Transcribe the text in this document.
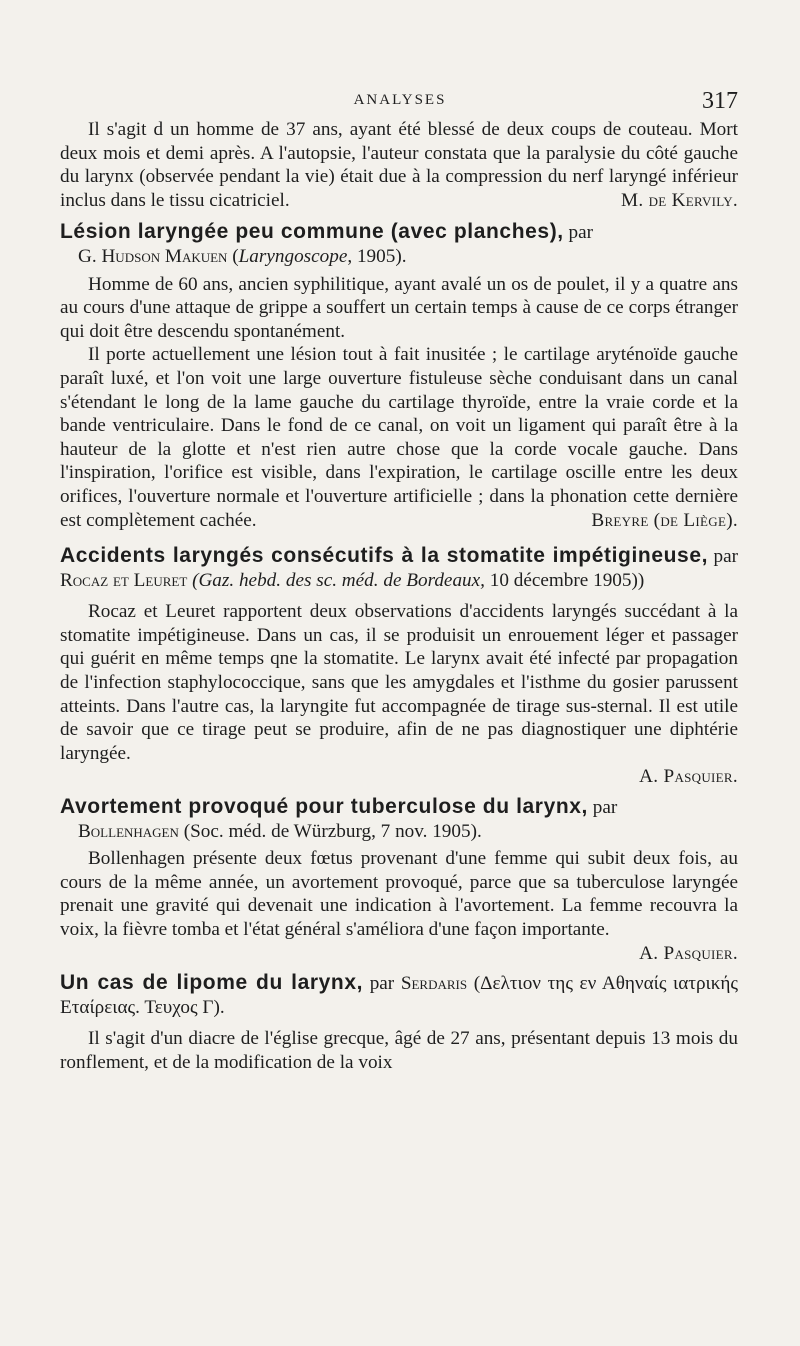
ANALYSES	317

Il s'agit d un homme de 37 ans, ayant été blessé de deux coups de couteau. Mort deux mois et demi après. A l'autopsie, l'auteur constata que la paralysie du côté gauche du larynx (observée pendant la vie) était due à la compression du nerf laryngé inférieur inclus dans le tissu cicatriciel.	M. de Kervily.
Lésion laryngée peu commune (avec planches), par
G. Hudson Makuen (Laryngoscope, 1905).

Homme de 60 ans, ancien syphilitique, ayant avalé un os de poulet, il y a quatre ans au cours d'une attaque de grippe a souffert un certain temps à cause de ce corps étranger qui doit être descendu spontanément.

Il porte actuellement une lésion tout à fait inusitée ; le cartilage aryténoïde gauche paraît luxé, et l'on voit une large ouverture fistuleuse sèche conduisant dans un canal s'étendant le long de la lame gauche du cartilage thyroïde, entre la vraie corde et la bande ventriculaire. Dans le fond de ce canal, on voit un ligament qui paraît être à la hauteur de la glotte et n'est rien autre chose que la corde vocale gauche. Dans l'inspiration, l'orifice est visible, dans l'expiration, le cartilage oscille entre les deux orifices, l'ouverture normale et l'ouverture artificielle ; dans la phonation cette dernière est complètement cachée.	Breyre (de Liège).
Accidents laryngés consécutifs à la stomatite impétigineuse, par Rocaz et Leuret (Gaz. hebd. des sc. méd. de Bordeaux, 10 décembre 1905))

Rocaz et Leuret rapportent deux observations d'accidents laryngés succédant à la stomatite impétigineuse. Dans un cas, il se produisit un enrouement léger et passager qui guérit en même temps qne la stomatite. Le larynx avait été infecté par propagation de l'infection staphylococcique, sans que les amygdales et l'isthme du gosier parussent atteints. Dans l'autre cas, la laryngite fut accompagnée de tirage sus-sternal. Il est utile de savoir que ce tirage peut se produire, afin de ne pas diagnostiquer une diphtérie laryngée.

A. Pasquier.
Avortement provoqué pour tuberculose du larynx, par
Bollenhagen (Soc. méd. de Würzburg, 7 nov. 1905).

Bollenhagen présente deux fœtus provenant d'une femme qui subit deux fois, au cours de la même année, un avortement provoqué, parce que sa tuberculose laryngée prenait une gravité qui devenait une indication à l'avortement. La femme recouvra la voix, la fièvre tomba et l'état général s'améliora d'une façon importante.

A. Pasquier.
Un cas de lipome du larynx, par Serdaris (Δελτιον της εν Αθηναίς ιατρικής Εταίρειας. Τευχος Γ).

Il s'agit d'un diacre de l'église grecque, âgé de 27 ans, présentant depuis 13 mois du ronflement, et de la modification de la voix
